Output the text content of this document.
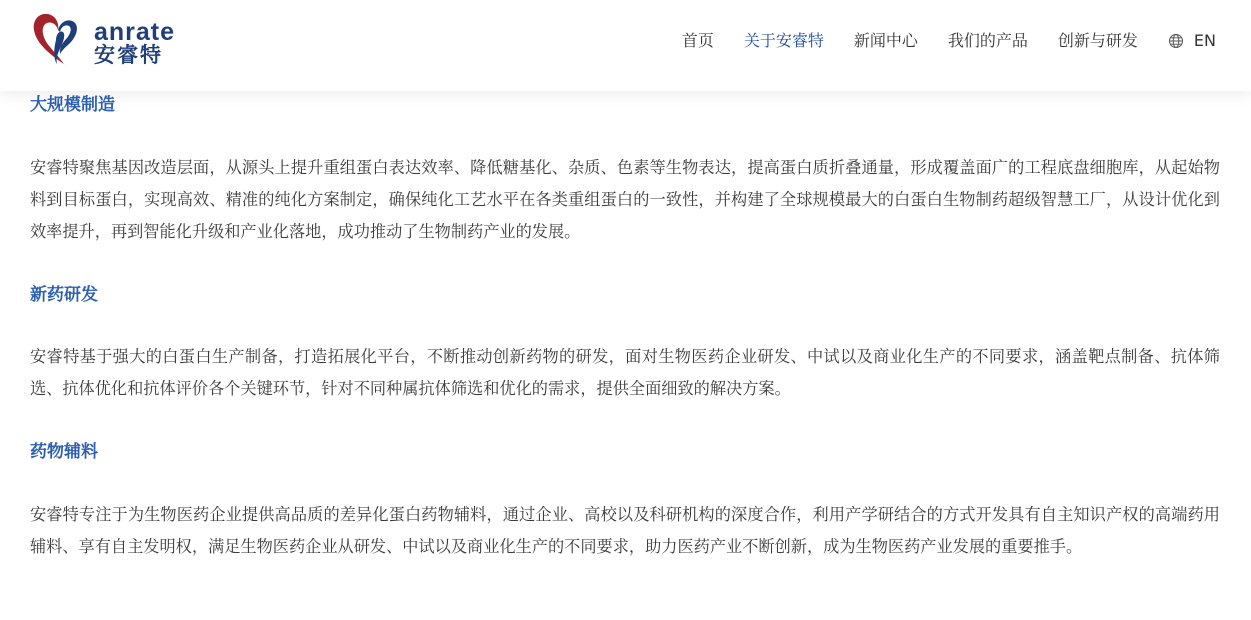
anrate
安睿特
首页 关于安睿特 新闻中心 我们的产品 创新与研发	EN
大规模制造

安睿特聚焦基因改造层面，从源头上提升重组蛋白表达效率、降低糖基化、杂质、色素等生物表达，提高蛋白质折叠通量，形成覆盖面广的工程底盘细胞库，从起始物料到目标蛋白，实现高效、精准的纯化方案制定，确保纯化工艺水平在各类重组蛋白的一致性，并构建了全球规模最大的白蛋白生物制药超级智慧工厂，从设计优化到效率提升，再到智能化升级和产业化落地，成功推动了生物制药产业的发展。

新药研发

安睿特基于强大的白蛋白生产制备，打造拓展化平台，不断推动创新药物的研发，面对生物医药企业研发、中试以及商业化生产的不同要求，涵盖靶点制备、抗体筛选、抗体优化和抗体评价各个关键环节，针对不同种属抗体筛选和优化的需求，提供全面细致的解决方案。

药物辅料

安睿特专注于为生物医药企业提供高品质的差异化蛋白药物辅料，通过企业、高校以及科研机构的深度合作，利用产学研结合的方式开发具有自主知识产权的高端药用辅料、享有自主发明权，满足生物医药企业从研发、中试以及商业化生产的不同要求，助力医药产业不断创新，成为生物医药产业发展的重要推手。
